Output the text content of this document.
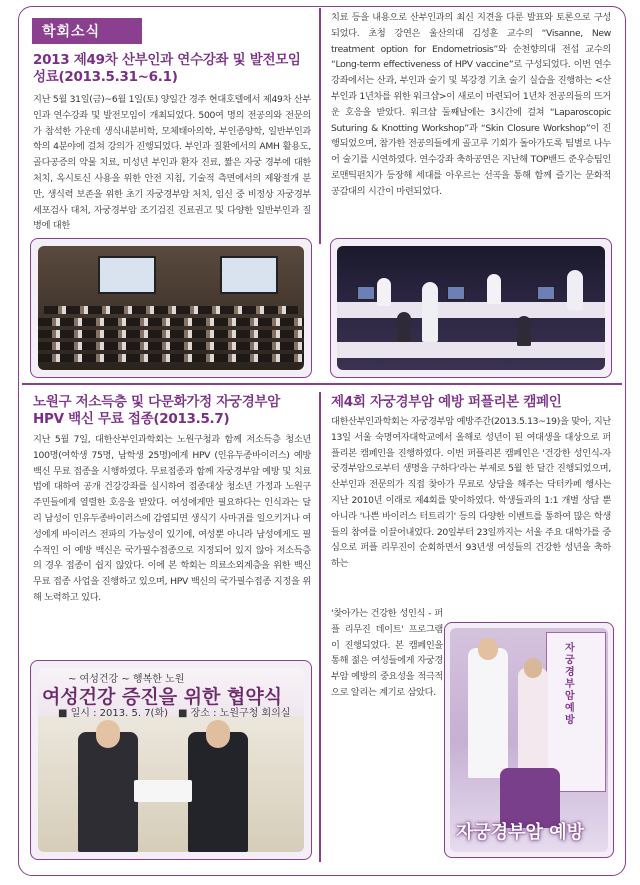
학회소식
2013 제49차 산부인과 연수강좌 및 발전모임 성료(2013.5.31~6.1)
지난 5월 31일(금)~6월 1일(토) 양일간 경주 현대호텔에서 제49차 산부인과 연수강좌 및 발전모임이 개최되었다. 500여 명의 전공의와 전문의가 참석한 가운데 생식내분비학, 모체태아의학, 부인종양학, 일반부인과학의 4분야에 걸쳐 강의가 진행되었다. 부인과 질환에서의 AMH 활용도, 골다공증의 약물 치료, 미성년 부인과 환자 진료, 짧은 자궁 경부에 대한 처치, 옥시토신 사용을 위한 안전 지침, 기술적 측면에서의 제왕절개 분만, 생식력 보존을 위한 초기 자궁경부암 처치, 임신 중 비정상 자궁경부 세포검사 대처, 자궁경부암 조기검진 진료권고 및 다양한 일반부인과 질병에 대한
치료 등을 내용으로 산부인과의 최신 지견을 다룬 발표와 토론으로 구성되었다. 초청 강연은 울산의대 김성훈 교수의 “Visanne, New treatment option for Endometriosis”와 순천향의대 전섭 교수의 “Long-term effectiveness of HPV vaccine”로 구성되었다. 이번 연수강좌에서는 산과, 부인과 술기 및 복강경 기초 술기 실습을 진행하는 <산부인과 1년차를 위한 워크샵>이 새로이 마련되어 1년차 전공의들의 뜨거운 호응을 받았다. 워크샵 둘째날에는 3시간에 걸쳐 “Laparoscopic Suturing & Knotting Workshop”과 “Skin Closure Workshop”이 진행되었으며, 참가한 전공의들에게 골고루 기회가 돌아가도록 팀별로 나누어 술기를 시연하였다. 연수강좌 축하공연은 지난해 TOP밴드 준우승팀인 로맨틱펀치가 등장해 세대를 아우르는 선곡을 통해 함께 즐기는 문화적 공감대의 시간이 마련되었다.
노원구 저소득층 및 다문화가정 자궁경부암 HPV 백신 무료 접종(2013.5.7)
지난 5월 7일, 대한산부인과학회는 노원구청과 함께 저소득층 청소년 100명(여학생 75명, 남학생 25명)에게 HPV (인유두종바이러스) 예방 백신 무료 접종을 시행하였다. 무료접종과 함께 자궁경부암 예방 및 치료법에 대하여 공개 건강강좌를 실시하여 접종대상 청소년 가정과 노원구 주민들에게 열렬한 호응을 받았다. 여성에게만 필요하다는 인식과는 달리 남성이 인유두종바이러스에 감염되면 생식기 사마귀를 일으키거나 여성에게 바이러스 전파의 가능성이 있기에, 여성뿐 아니라 남성에게도 필수적인 이 예방 백신은 국가필수접종으로 지정되어 있지 않아 저소득층의 경우 접종이 쉽지 않았다. 이에 본 학회는 의료소외계층을 위한 백신 무료 접종 사업을 진행하고 있으며, HPV 백신의 국가필수접종 지정을 위해 노력하고 있다.
~ 여성건강 ~ 행복한 노원
여성건강 증진을 위한 협약식
■ 일시 : 2013. 5. 7(화) ■ 장소 : 노원구청 회의실
제4회 자궁경부암 예방 퍼플리본 캠페인
대한산부인과학회는 자궁경부암 예방주간(2013.5.13~19)을 맞아, 지난 13일 서울 숙명여자대학교에서 올해로 성년이 된 여대생을 대상으로 퍼플리본 캠페인을 진행하였다. 이번 퍼플리본 캠페인은 '건강한 성인식-자궁경부암으로부터 생명을 구하다'라는 부제로 5월 한 달간 진행되었으며, 산부인과 전문의가 직접 찾아가 무료로 상담을 해주는 닥터카페 행사는 지난 2010년 이래로 제4회를 맞이하였다. 학생들과의 1:1 개별 상담 뿐 아니라 '나쁜 바이러스 터트리기' 등의 다양한 이벤트를 통하여 많은 학생들의 참여를 이끌어내었다. 20일부터 23일까지는 서울 주요 대학가를 중심으로 퍼플 리무진이 순회하면서 93년생 여성들의 건강한 성년을 축하하는
'찾아가는 건강한 성인식 - 퍼플 리무진 데이트' 프로그램이 진행되었다. 본 캠페인을 통해 젊은 여성들에게 자궁경부암 예방의 중요성을 적극적으로 알리는 계기로 삼았다.
자궁경부암 예방
자궁경부암 예방
